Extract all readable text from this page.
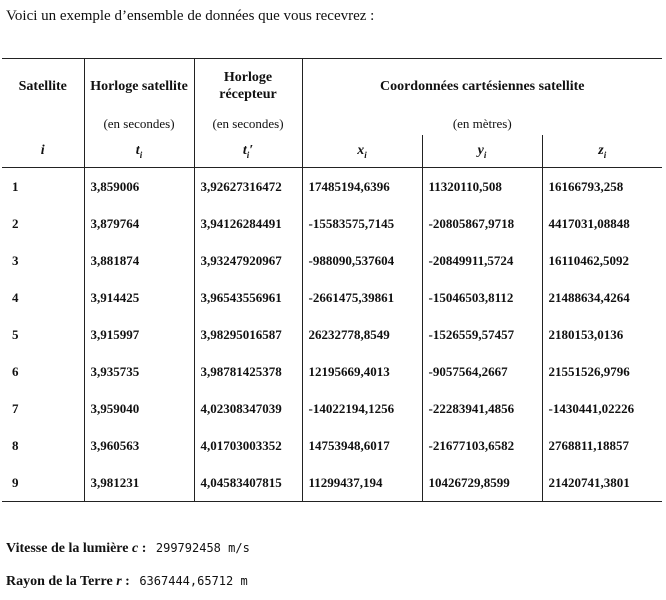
Voici un exemple d’ensemble de données que vous recevrez :
Satellite	Horloge satellite	Horloge récepteur	Coordonnées cartésiennes satellite		
	(en secondes)	(en secondes)	(en mètres)		
i	$t_i$	$t_i'$	$x_i$	$y_i$	$z_i$
1	3,859006	3,92627316472	17485194,6396	11320110,508	16166793,258
2	3,879764	3,94126284491	-15583575,7145	-20805867,9718	4417031,08848
3	3,881874	3,93247920967	-988090,537604	-20849911,5724	16110462,5092
4	3,914425	3,96543556961	-2661475,39861	-15046503,8112	21488634,4264
5	3,915997	3,98295016587	26232778,8549	-1526559,57457	2180153,0136
6	3,935735	3,98781425378	12195669,4013	-9057564,2667	21551526,9796
7	3,959040	4,02308347039	-14022194,1256	-22283941,4856	-1430441,02226
8	3,960563	4,01703003352	14753948,6017	-21677103,6582	2768811,18857
9	3,981231	4,04583407815	11299437,194	10426729,8599	21420741,3801
Vitesse de la lumière c : 299792458 m/s
Rayon de la Terre r : 6367444,65712 m
